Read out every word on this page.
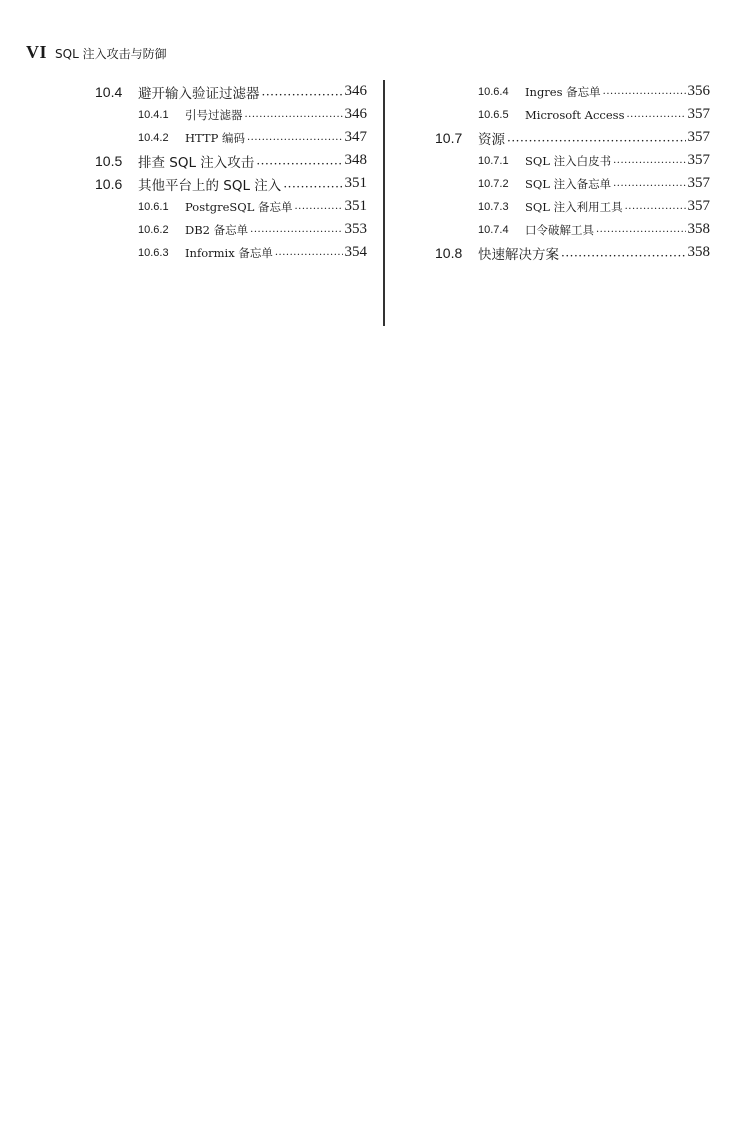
VI SQL 注入攻击与防御
10.4	避开输入验证过滤器 ·····	346
10.4.1	引号过滤器 ·····	346
10.4.2	HTTP 编码 ·····	347
10.5	排查 SQL 注入攻击 ·····	348
10.6	其他平台上的 SQL 注入 ·····	351
10.6.1	PostgreSQL 备忘单 ·····	351
10.6.2	DB2 备忘单 ·····	353
10.6.3	Informix 备忘单 ·····	354
10.6.4	Ingres 备忘单 ·····	356
10.6.5	Microsoft Access ·····	357
10.7	资源 ·····	357
10.7.1	SQL 注入白皮书 ·····	357
10.7.2	SQL 注入备忘单 ·····	357
10.7.3	SQL 注入利用工具 ·····	357
10.7.4	口令破解工具 ·····	358
10.8	快速解决方案 ·····	358
